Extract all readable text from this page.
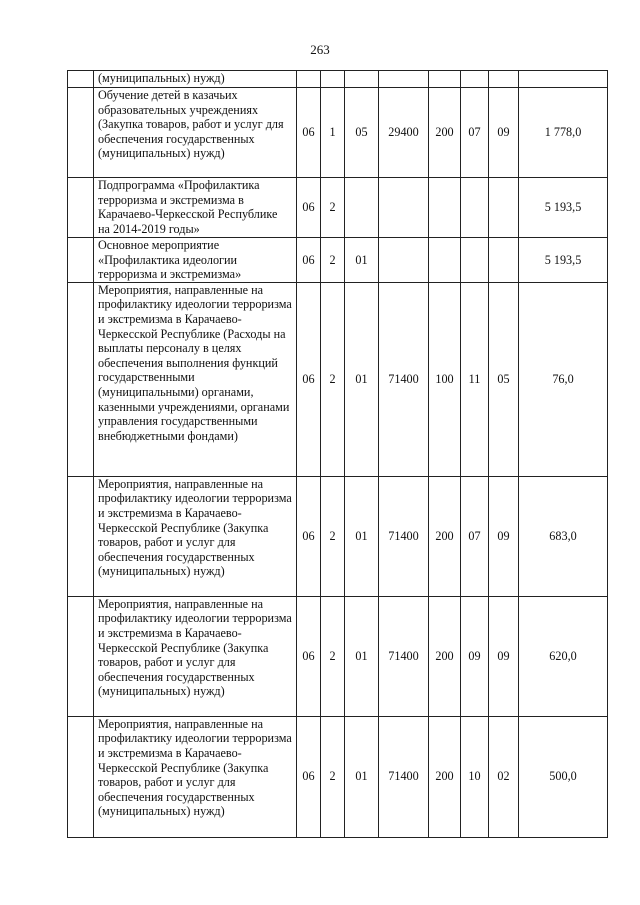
263
	(муниципальных) нужд)								
	Обучение детей в казачьих образовательных учреждениях (Закупка товаров, работ и услуг для обеспечения государственных (муниципальных) нужд)	06	1	05	29400	200	07	09	1 778,0
	Подпрограмма «Профилактика терроризма и экстремизма в Карачаево-Черкесской Республике на 2014-2019 годы»	06	2						5 193,5
	Основное мероприятие «Профилактика идеологии терроризма и экстремизма»	06	2	01					5 193,5
	Мероприятия, направленные на профилактику идеологии терроризма и экстремизма в Карачаево-Черкесской Республике (Расходы на выплаты персоналу в целях обеспечения выполнения функций государственными (муниципальными) органами, казенными учреждениями, органами управления государственными внебюджетными фондами)	06	2	01	71400	100	11	05	76,0
	Мероприятия, направленные на профилактику идеологии терроризма и экстремизма в Карачаево-Черкесской Республике (Закупка товаров, работ и услуг для обеспечения государственных (муниципальных) нужд)	06	2	01	71400	200	07	09	683,0
	Мероприятия, направленные на профилактику идеологии терроризма и экстремизма в Карачаево-Черкесской Республике (Закупка товаров, работ и услуг для обеспечения государственных (муниципальных) нужд)	06	2	01	71400	200	09	09	620,0
	Мероприятия, направленные на профилактику идеологии терроризма и экстремизма в Карачаево-Черкесской Республике (Закупка товаров, работ и услуг для обеспечения государственных (муниципальных) нужд)	06	2	01	71400	200	10	02	500,0
